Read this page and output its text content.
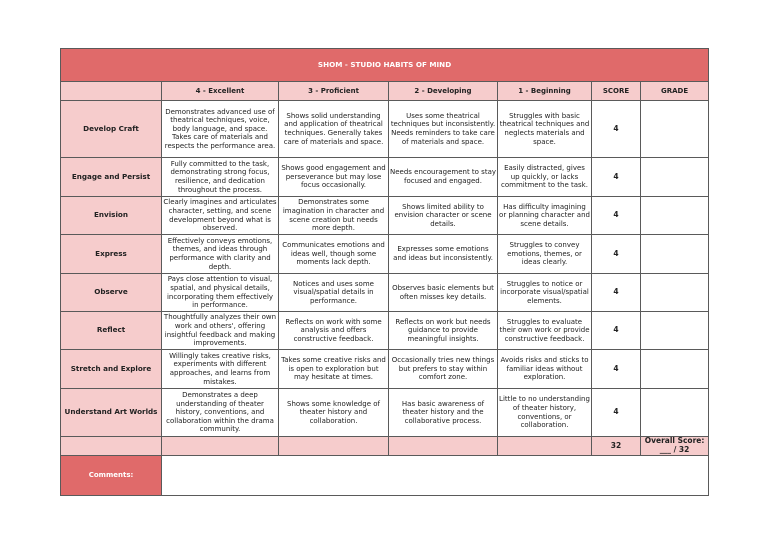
SHOM - STUDIO HABITS OF MIND						
	4 - Excellent	3 - Proficient	2 - Developing	1 - Beginning	SCORE	GRADE
Develop Craft	Demonstrates advanced use of theatrical techniques, voice, body language, and space. Takes care of materials and respects the performance area.	Shows solid understanding and application of theatrical techniques. Generally takes care of materials and space.	Uses some theatrical techniques but inconsistently. Needs reminders to take care of materials and space.	Struggles with basic theatrical techniques and neglects materials and space.	4	
Engage and Persist	Fully committed to the task, demonstrating strong focus, resilience, and dedication throughout the process.	Shows good engagement and perseverance but may lose focus occasionally.	Needs encouragement to stay focused and engaged.	Easily distracted, gives up quickly, or lacks commitment to the task.	4	
Envision	Clearly imagines and articulates character, setting, and scene development beyond what is observed.	Demonstrates some imagination in character and scene creation but needs more depth.	Shows limited ability to envision character or scene details.	Has difficulty imagining or planning character and scene details.	4	
Express	Effectively conveys emotions, themes, and ideas through performance with clarity and depth.	Communicates emotions and ideas well, though some moments lack depth.	Expresses some emotions and ideas but inconsistently.	Struggles to convey emotions, themes, or ideas clearly.	4	
Observe	Pays close attention to visual, spatial, and physical details, incorporating them effectively in performance.	Notices and uses some visual/spatial details in performance.	Observes basic elements but often misses key details.	Struggles to notice or incorporate visual/spatial elements.	4	
Reflect	Thoughtfully analyzes their own work and others', offering insightful feedback and making improvements.	Reflects on work with some analysis and offers constructive feedback.	Reflects on work but needs guidance to provide meaningful insights.	Struggles to evaluate their own work or provide constructive feedback.	4	
Stretch and Explore	Willingly takes creative risks, experiments with different approaches, and learns from mistakes.	Takes some creative risks and is open to exploration but may hesitate at times.	Occasionally tries new things but prefers to stay within comfort zone.	Avoids risks and sticks to familiar ideas without exploration.	4	
Understand Art Worlds	Demonstrates a deep understanding of theater history, conventions, and collaboration within the drama community.	Shows some knowledge of theater history and collaboration.	Has basic awareness of theater history and the collaborative process.	Little to no understanding of theater history, conventions, or collaboration.	4	
					32	Overall Score: ___ / 32
Comments:						
